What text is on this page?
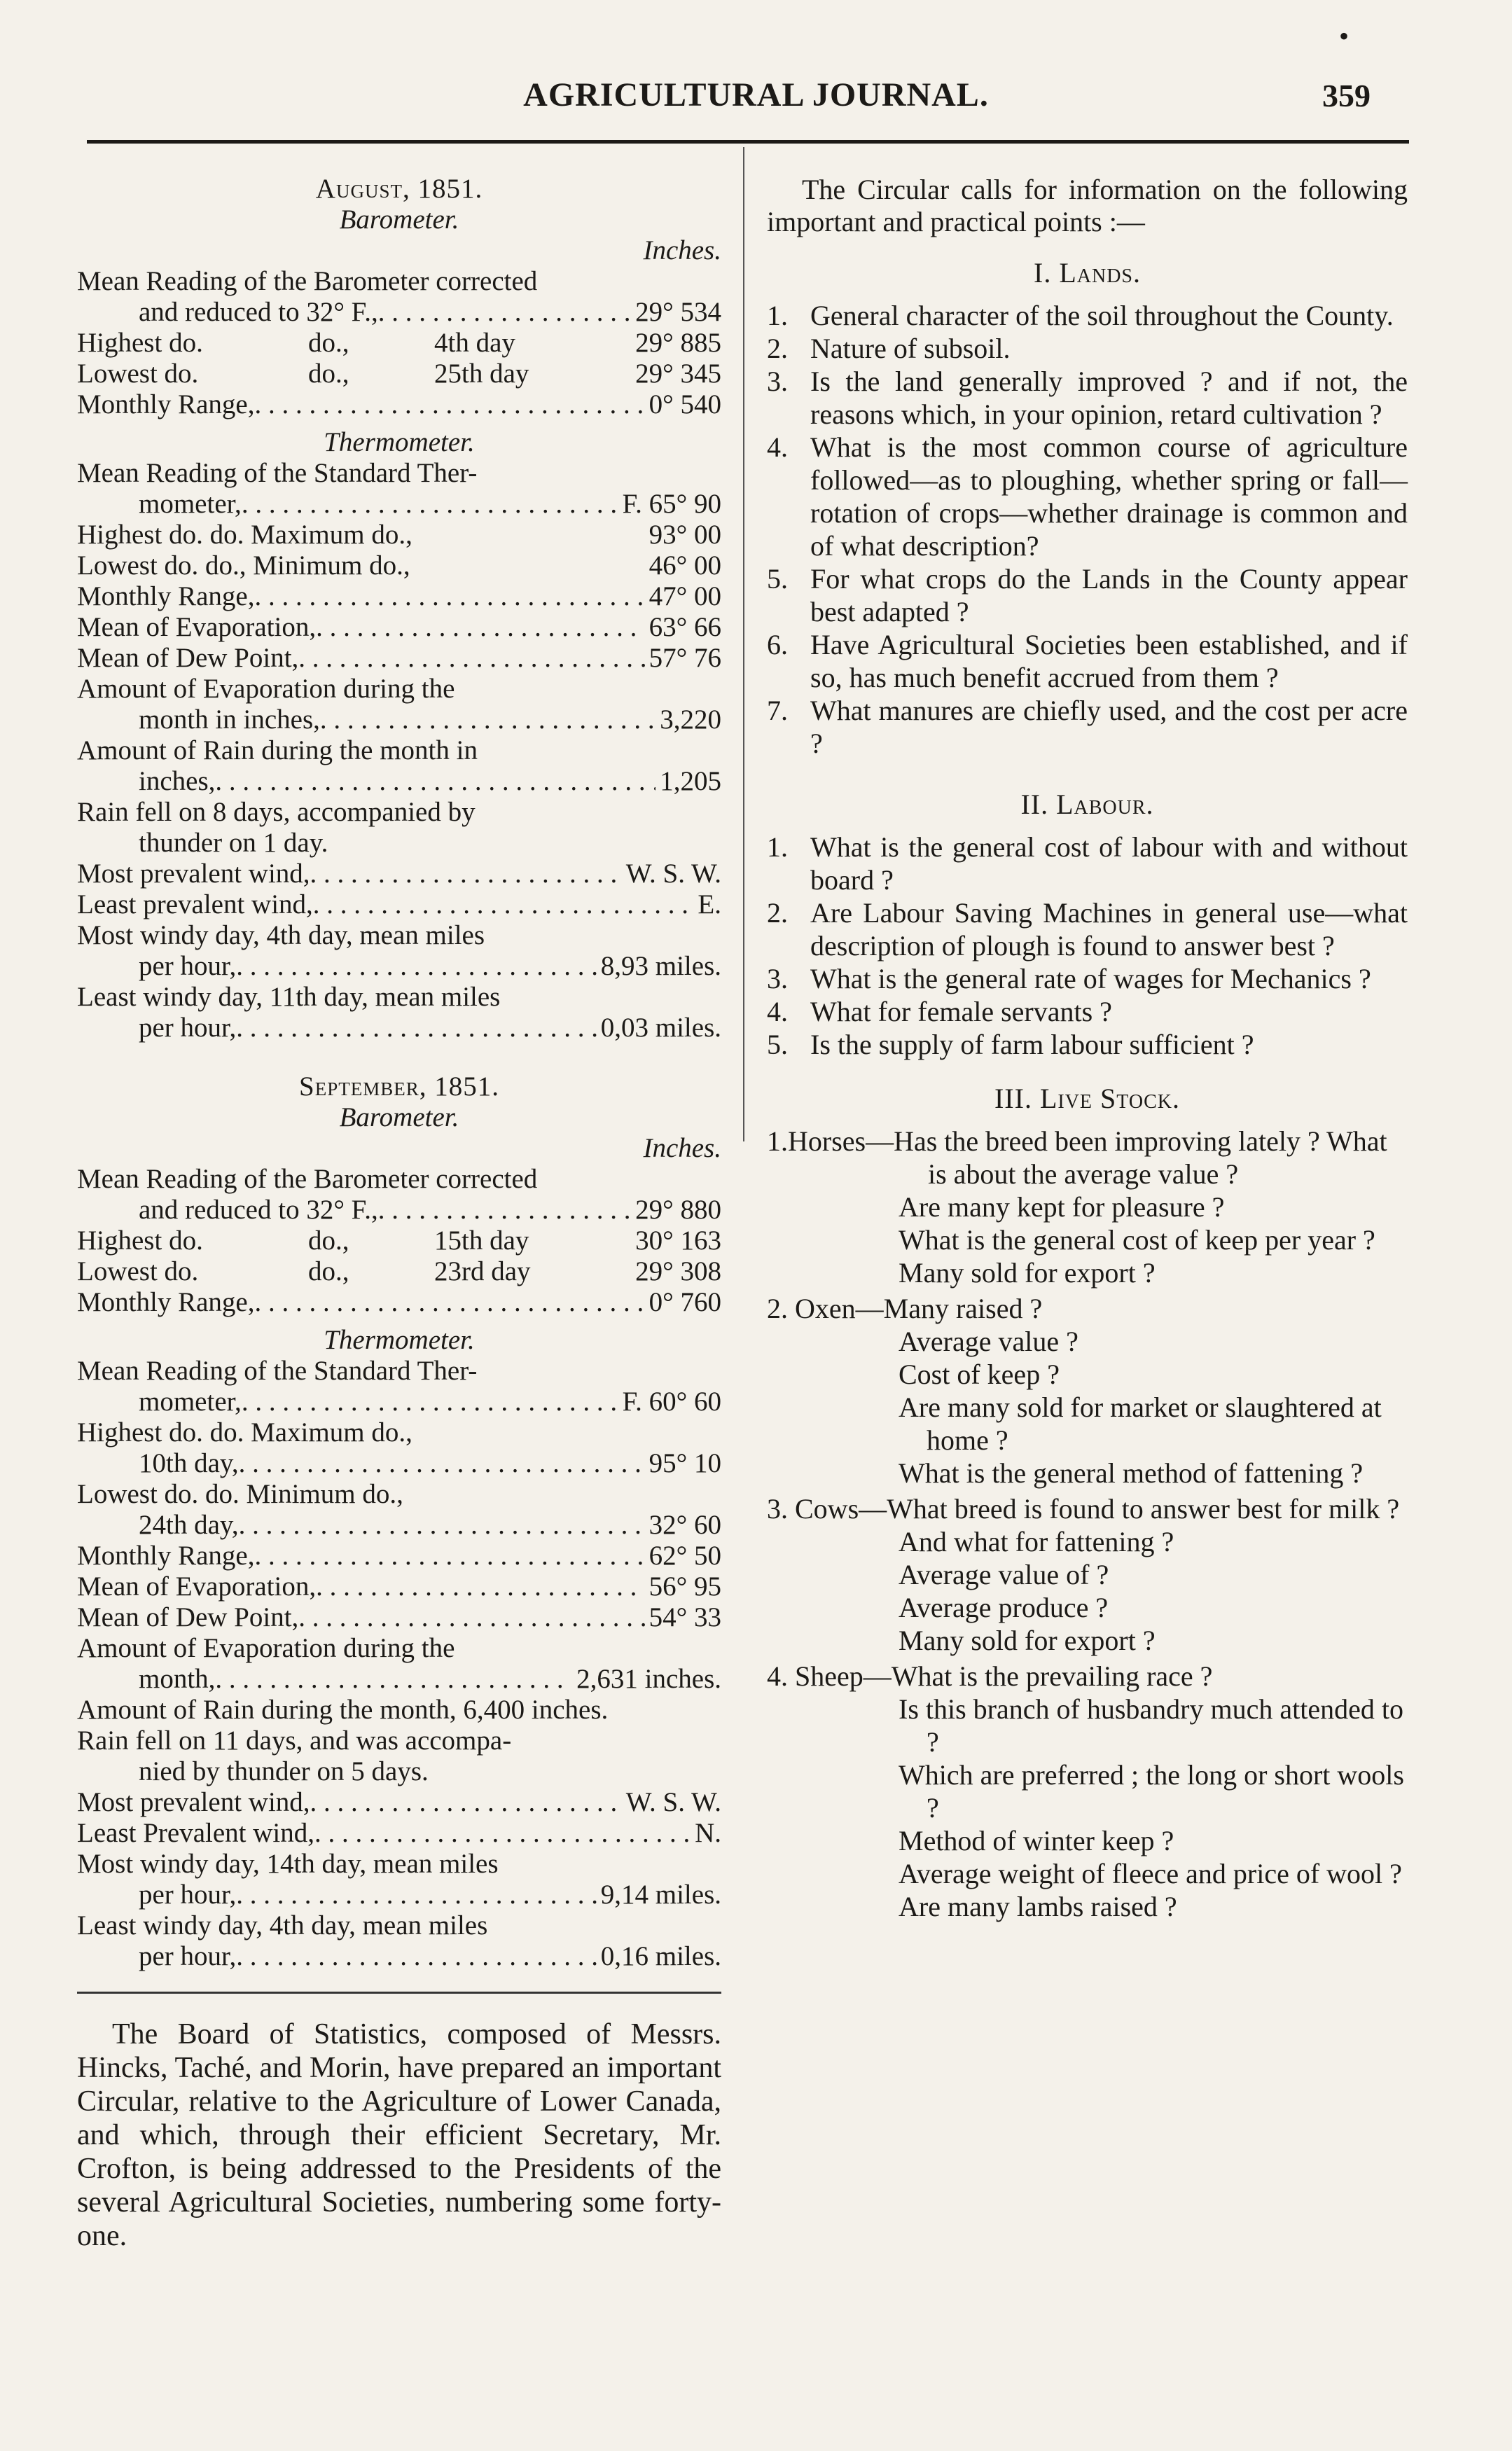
•
AGRICULTURAL JOURNAL.	359
August, 1851.
Barometer.
Inches.
Mean Reading of the Barometer corrected
and reduced to 32° F., . . .	29° 534
Highest do.	do.,	4th day	29° 885
Lowest do.	do.,	25th day	29° 345
Monthly Range, . . .	0° 540
Thermometer.
Mean Reading of the Standard Ther-
mometer, . . .	F. 65° 90
Highest do. do. Maximum do.,	93° 00
Lowest do. do., Minimum do.,	46° 00
Monthly Range, . . .	47° 00
Mean of Evaporation, . . .	63° 66
Mean of Dew Point, . . .	57° 76
Amount of Evaporation during the
month in inches, . . .	3,220
Amount of Rain during the month in
inches, . . .	1,205
Rain fell on 8 days, accompanied by
thunder on 1 day.
Most prevalent wind, . . .	W. S. W.
Least prevalent wind, . . .	E.
Most windy day, 4th day, mean miles
per hour, . . .	8,93 miles.
Least windy day, 11th day, mean miles
per hour, . . .	0,03 miles.
September, 1851.
Barometer.
Inches.
Mean Reading of the Barometer corrected
and reduced to 32° F., . . .	29° 880
Highest do.	do.,	15th day	30° 163
Lowest do.	do.,	23rd day	29° 308
Monthly Range, . . .	0° 760
Thermometer.
Mean Reading of the Standard Ther-
mometer, . . .	F. 60° 60
Highest do. do. Maximum do.,
10th day, . . .	95° 10
Lowest do. do. Minimum do.,
24th day, . . .	32° 60
Monthly Range, . . .	62° 50
Mean of Evaporation, . . .	56° 95
Mean of Dew Point, . . .	54° 33
Amount of Evaporation during the
month, . . .	2,631 inches.
Amount of Rain during the month, 6,400 inches.
Rain fell on 11 days, and was accompa-
nied by thunder on 5 days.
Most prevalent wind, . . .	W. S. W.
Least Prevalent wind, . . .	N.
Most windy day, 14th day, mean miles
per hour, . . .	9,14 miles.
Least windy day, 4th day, mean miles
per hour, . . .	0,16 miles.
The Board of Statistics, composed of Messrs. Hincks, Taché, and Morin, have prepared an important Circular, relative to the Agriculture of Lower Canada, and which, through their efficient Secretary, Mr. Crofton, is being addressed to the Presidents of the several Agricultural Societies, numbering some forty-one.
The Circular calls for information on the following important and practical points :—
I. Lands.
1. General character of the soil throughout the County.
2. Nature of subsoil.
3. Is the land generally improved ? and if not, the reasons which, in your opinion, retard cultivation ?
4. What is the most common course of agriculture followed—as to ploughing, whether spring or fall—rotation of crops—whether drainage is common and of what description?
5. For what crops do the Lands in the County appear best adapted ?
6. Have Agricultural Societies been established, and if so, has much benefit accrued from them ?
7. What manures are chiefly used, and the cost per acre ?
II. Labour.
1. What is the general cost of labour with and without board ?
2. Are Labour Saving Machines in general use—what description of plough is found to answer best ?
3. What is the general rate of wages for Mechanics ?
4. What for female servants ?
5. Is the supply of farm labour sufficient ?
III. Live Stock.
1.Horses—Has the breed been improving lately ? What is about the average value ?
Are many kept for pleasure ?
What is the general cost of keep per year ?
Many sold for export ?
2. Oxen—Many raised ?
Average value ?
Cost of keep ?
Are many sold for market or slaughtered at home ?
What is the general method of fattening ?
3. Cows—What breed is found to answer best for milk ?
And what for fattening ?
Average value of ?
Average produce ?
Many sold for export ?
4. Sheep—What is the prevailing race ?
Is this branch of husbandry much attended to ?
Which are preferred ; the long or short wools ?
Method of winter keep ?
Average weight of fleece and price of wool ?
Are many lambs raised ?
